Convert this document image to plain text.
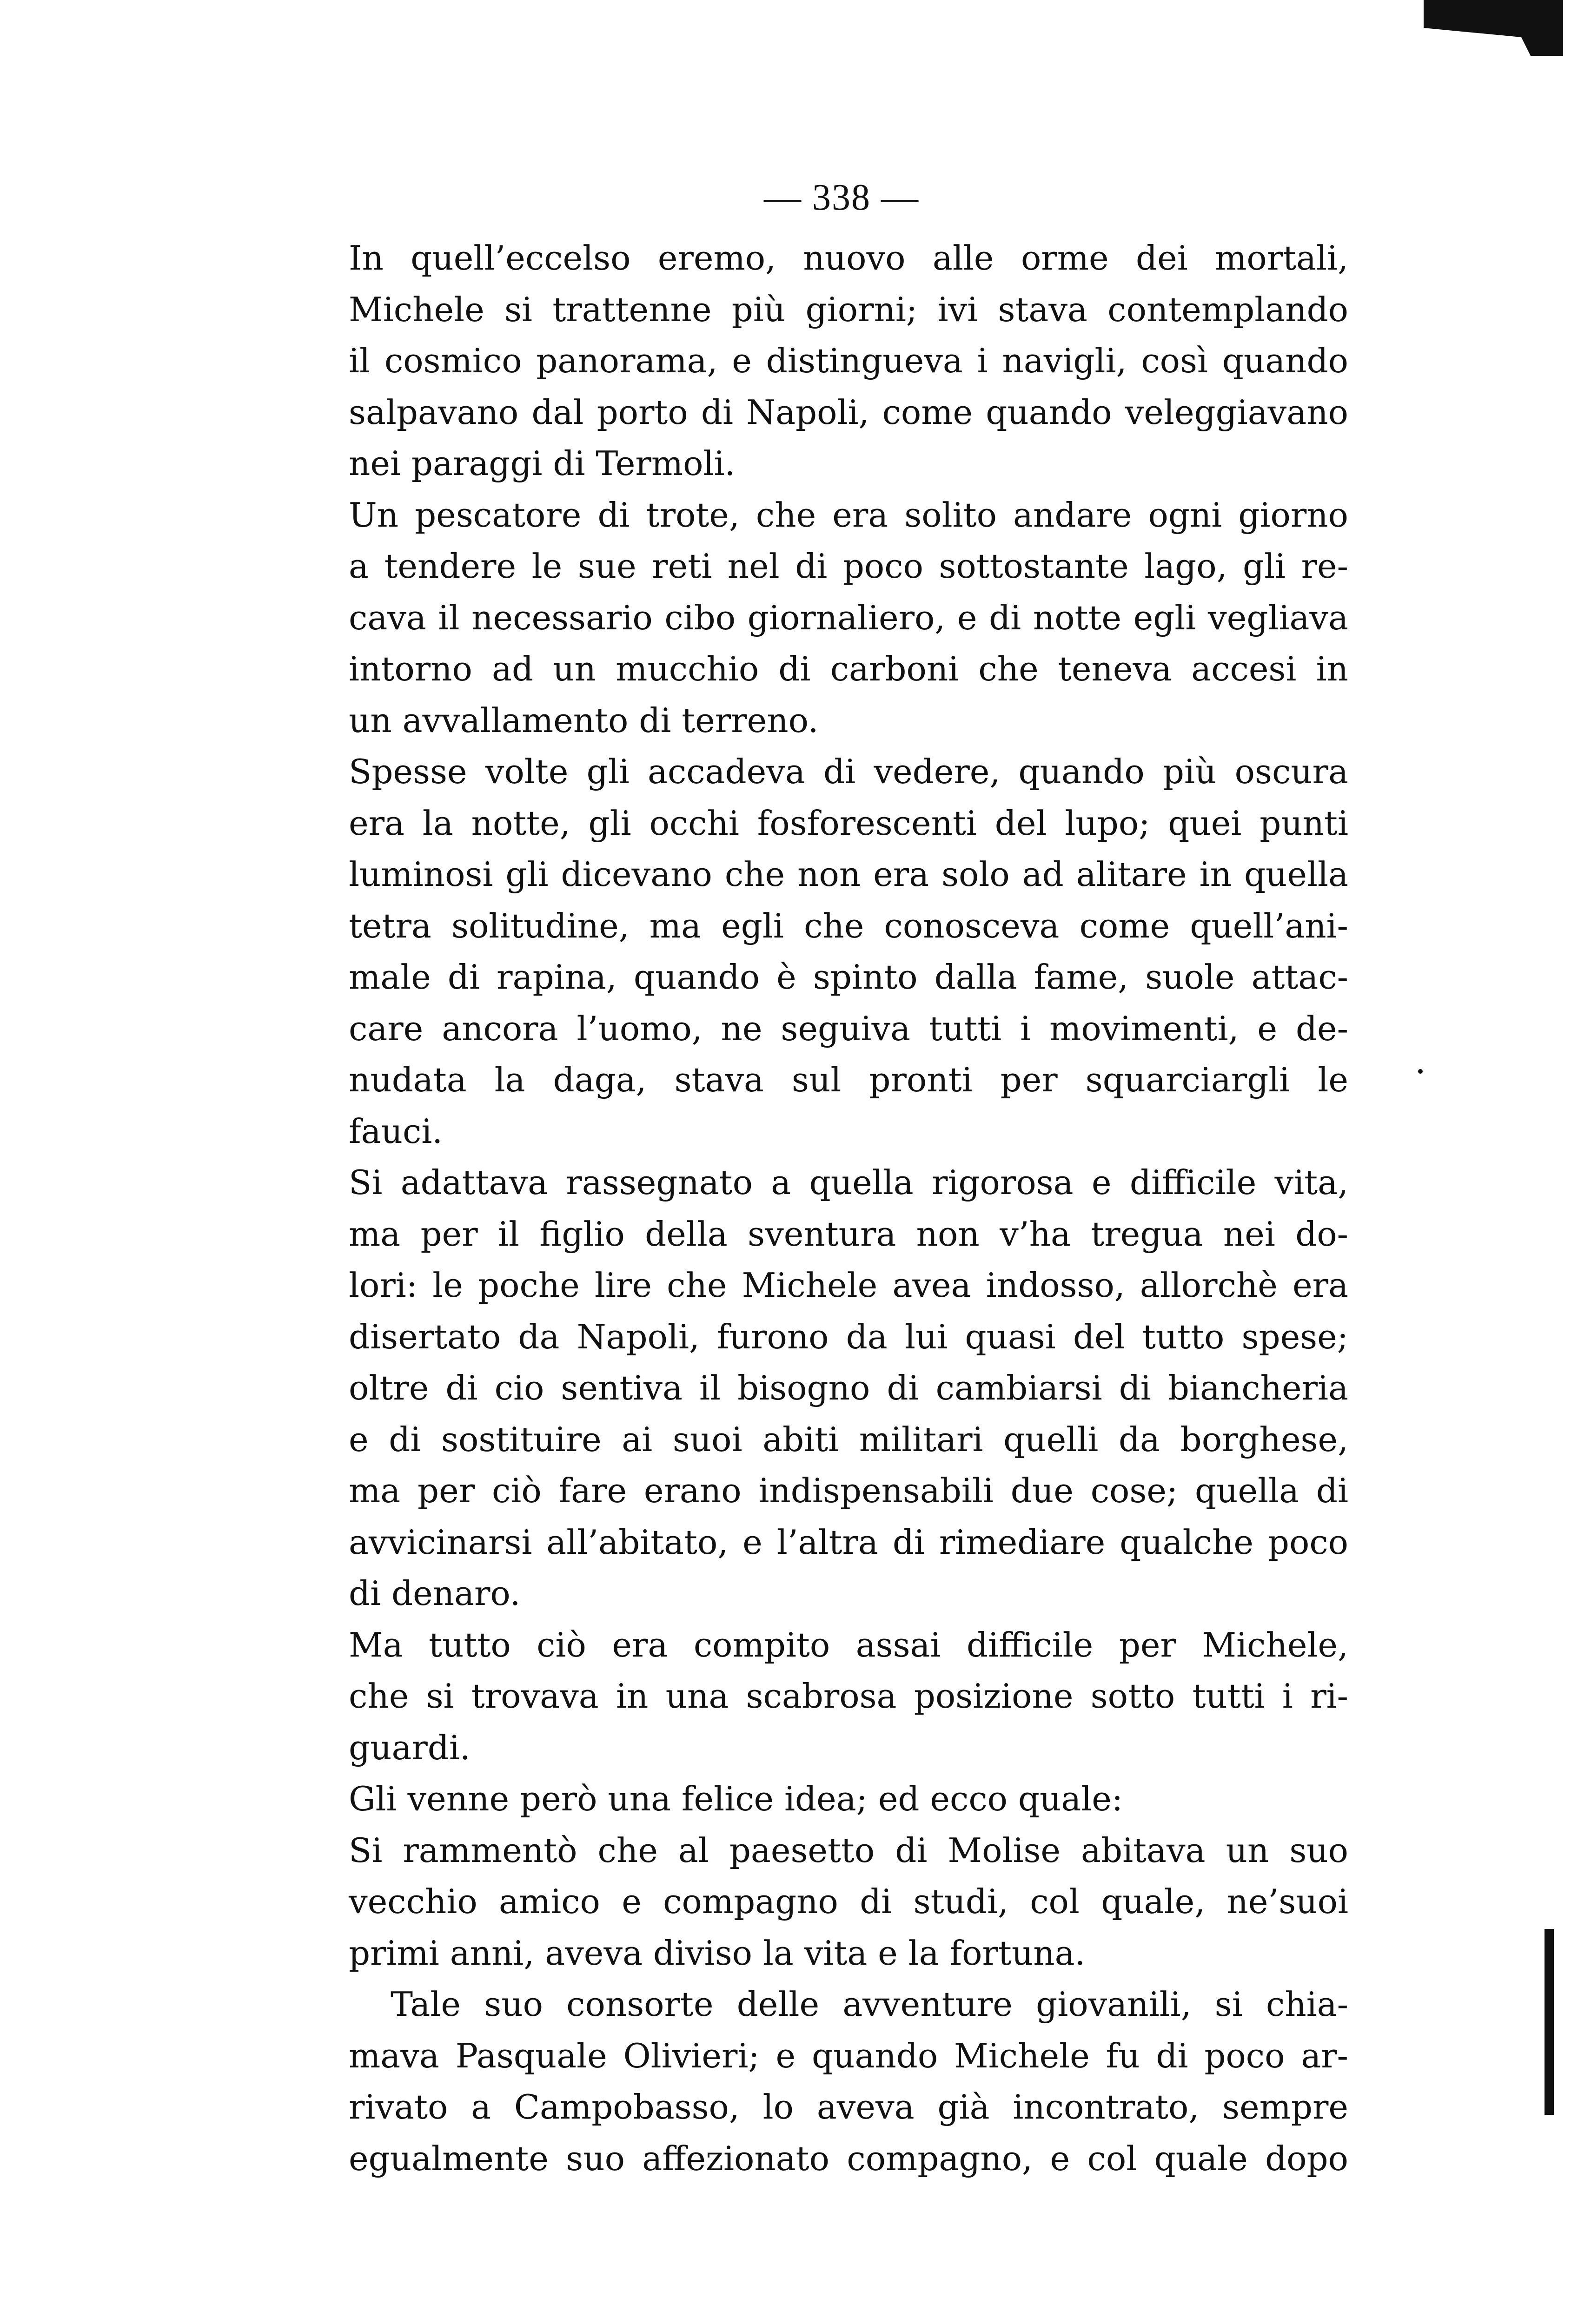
— 338 —
In quell’eccelso eremo, nuovo alle orme dei mortali,
Michele si trattenne più giorni; ivi stava contemplando
il cosmico panorama, e distingueva i navigli, così quando
salpavano dal porto di Napoli, come quando veleggiavano
nei paraggi di Termoli.
Un pescatore di trote, che era solito andare ogni giorno
a tendere le sue reti nel di poco sottostante lago, gli re-
cava il necessario cibo giornaliero, e di notte egli vegliava
intorno ad un mucchio di carboni che teneva accesi in
un avvallamento di terreno.
Spesse volte gli accadeva di vedere, quando più oscura
era la notte, gli occhi fosforescenti del lupo; quei punti
luminosi gli dicevano che non era solo ad alitare in quella
tetra solitudine, ma egli che conosceva come quell’ani-
male di rapina, quando è spinto dalla fame, suole attac-
care ancora l’uomo, ne seguiva tutti i movimenti, e de-
nudata la daga, stava sul pronti per squarciargli le
fauci.
Si adattava rassegnato a quella rigorosa e difficile vita,
ma per il figlio della sventura non v’ha tregua nei do-
lori: le poche lire che Michele avea indosso, allorchè era
disertato da Napoli, furono da lui quasi del tutto spese;
oltre di cio sentiva il bisogno di cambiarsi di biancheria
e di sostituire ai suoi abiti militari quelli da borghese,
ma per ciò fare erano indispensabili due cose; quella di
avvicinarsi all’abitato, e l’altra di rimediare qualche poco
di denaro.
Ma tutto ciò era compito assai difficile per Michele,
che si trovava in una scabrosa posizione sotto tutti i ri-
guardi.
Gli venne però una felice idea; ed ecco quale:
Si rammentò che al paesetto di Molise abitava un suo
vecchio amico e compagno di studi, col quale, ne’suoi
primi anni, aveva diviso la vita e la fortuna.
Tale suo consorte delle avventure giovanili, si chia-
mava Pasquale Olivieri; e quando Michele fu di poco ar-
rivato a Campobasso, lo aveva già incontrato, sempre
egualmente suo affezionato compagno, e col quale dopo
